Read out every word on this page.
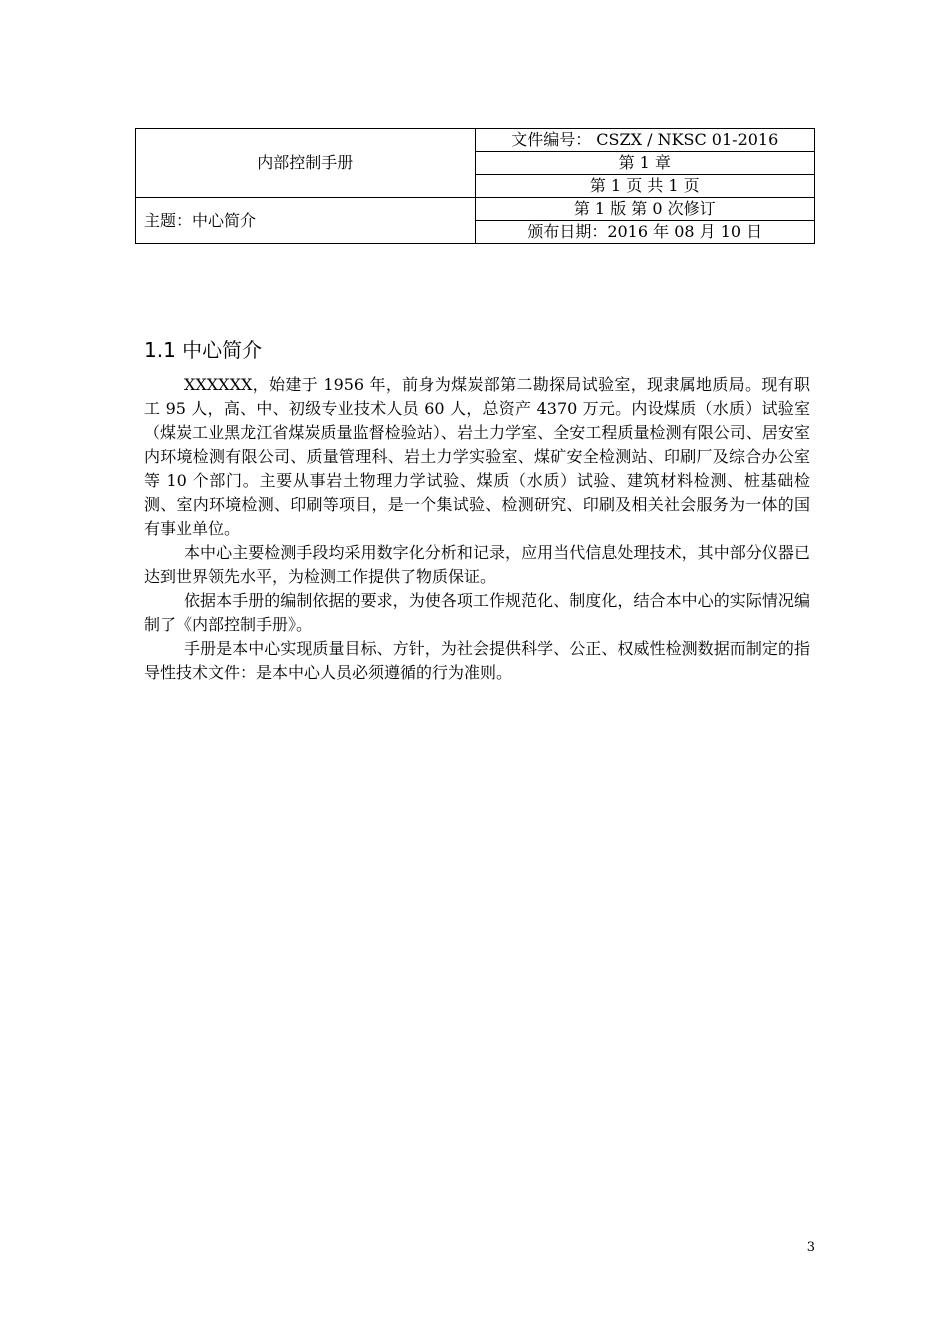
内部控制手册	文件编号： CSZX / NKSC 01-2016
	第 1 章
	第 1 页 共 1 页
主题：中心简介	第 1 版 第 0 次修订
	颁布日期：2016 年 08 月 10 日
1.1 中心简介

XXXXXX，始建于 1956 年，前身为煤炭部第二勘探局试验室，现隶属地质局。现有职工 95 人，高、中、初级专业技术人员 60 人，总资产 4370 万元。内设煤质（水质）试验室（煤炭工业黑龙江省煤炭质量监督检验站）、岩土力学室、全安工程质量检测有限公司、居安室内环境检测有限公司、质量管理科、岩土力学实验室、煤矿安全检测站、印刷厂及综合办公室等 10 个部门。主要从事岩土物理力学试验、煤质（水质）试验、建筑材料检测、桩基础检测、室内环境检测、印刷等项目，是一个集试验、检测研究、印刷及相关社会服务为一体的国有事业单位。

本中心主要检测手段均采用数字化分析和记录，应用当代信息处理技术，其中部分仪器已达到世界领先水平，为检测工作提供了物质保证。

依据本手册的编制依据的要求，为使各项工作规范化、制度化，结合本中心的实际情况编制了《内部控制手册》。

手册是本中心实现质量目标、方针，为社会提供科学、公正、权威性检测数据而制定的指导性技术文件：是本中心人员必须遵循的行为准则。

3
